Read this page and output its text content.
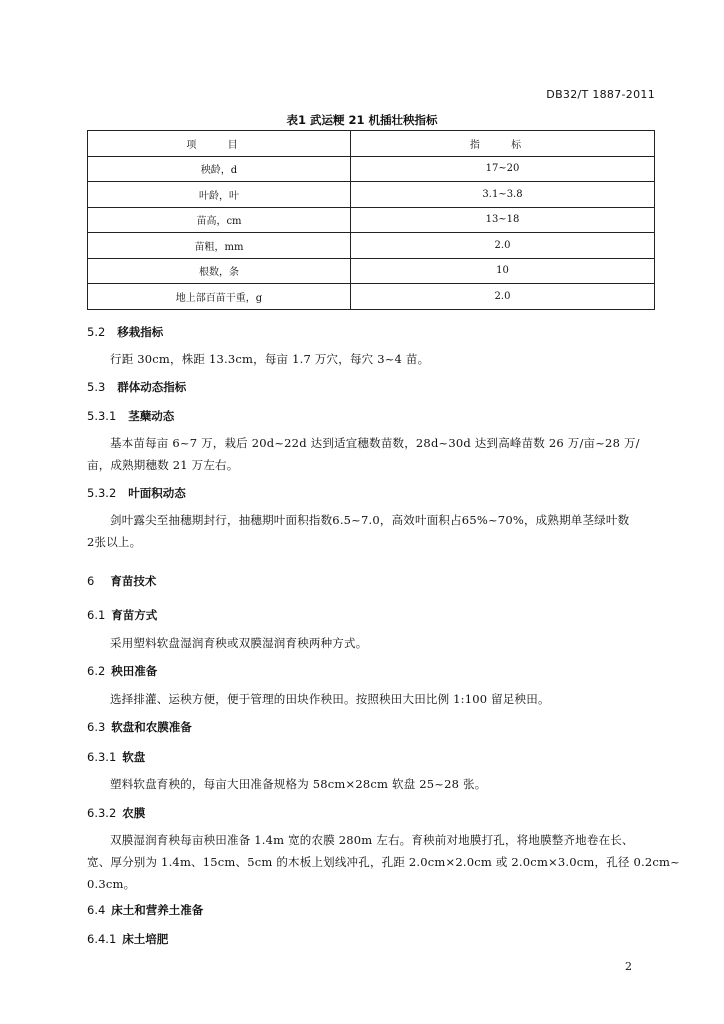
DB32/T 1887-2011
表1 武运粳 21 机插壮秧指标
项 目	指 标
秧龄，d	17~20
叶龄，叶	3.1~3.8
苗高，cm	13~18
苗粗，mm	2.0
根数，条	10
地上部百苗干重，g	2.0
5.2 移栽指标
行距 30cm，株距 13.3cm，每亩 1.7 万穴，每穴 3~4 苗。
5.3 群体动态指标
5.3.1 茎蘖动态
基本苗每亩 6~7 万，栽后 20d~22d 达到适宜穗数苗数，28d~30d 达到高峰苗数 26 万/亩~28 万/
亩，成熟期穗数 21 万左右。
5.3.2 叶面积动态
剑叶露尖至抽穗期封行，抽穗期叶面积指数6.5~7.0，高效叶面积占65%~70%，成熟期单茎绿叶数
2张以上。
6 育苗技术
6.1 育苗方式
采用塑料软盘湿润育秧或双膜湿润育秧两种方式。
6.2 秧田准备
选择排灌、运秧方便，便于管理的田块作秧田。按照秧田大田比例 1:100 留足秧田。
6.3 软盘和农膜准备
6.3.1 软盘
塑料软盘育秧的，每亩大田准备规格为 58cm×28cm 软盘 25~28 张。
6.3.2 农膜
双膜湿润育秧每亩秧田准备 1.4m 宽的农膜 280m 左右。育秧前对地膜打孔，将地膜整齐地卷在长、
宽、厚分别为 1.4m、15cm、5cm 的木板上划线冲孔，孔距 2.0cm×2.0cm 或 2.0cm×3.0cm，孔径 0.2cm~
0.3cm。
6.4 床土和营养土准备
6.4.1 床土培肥
2
